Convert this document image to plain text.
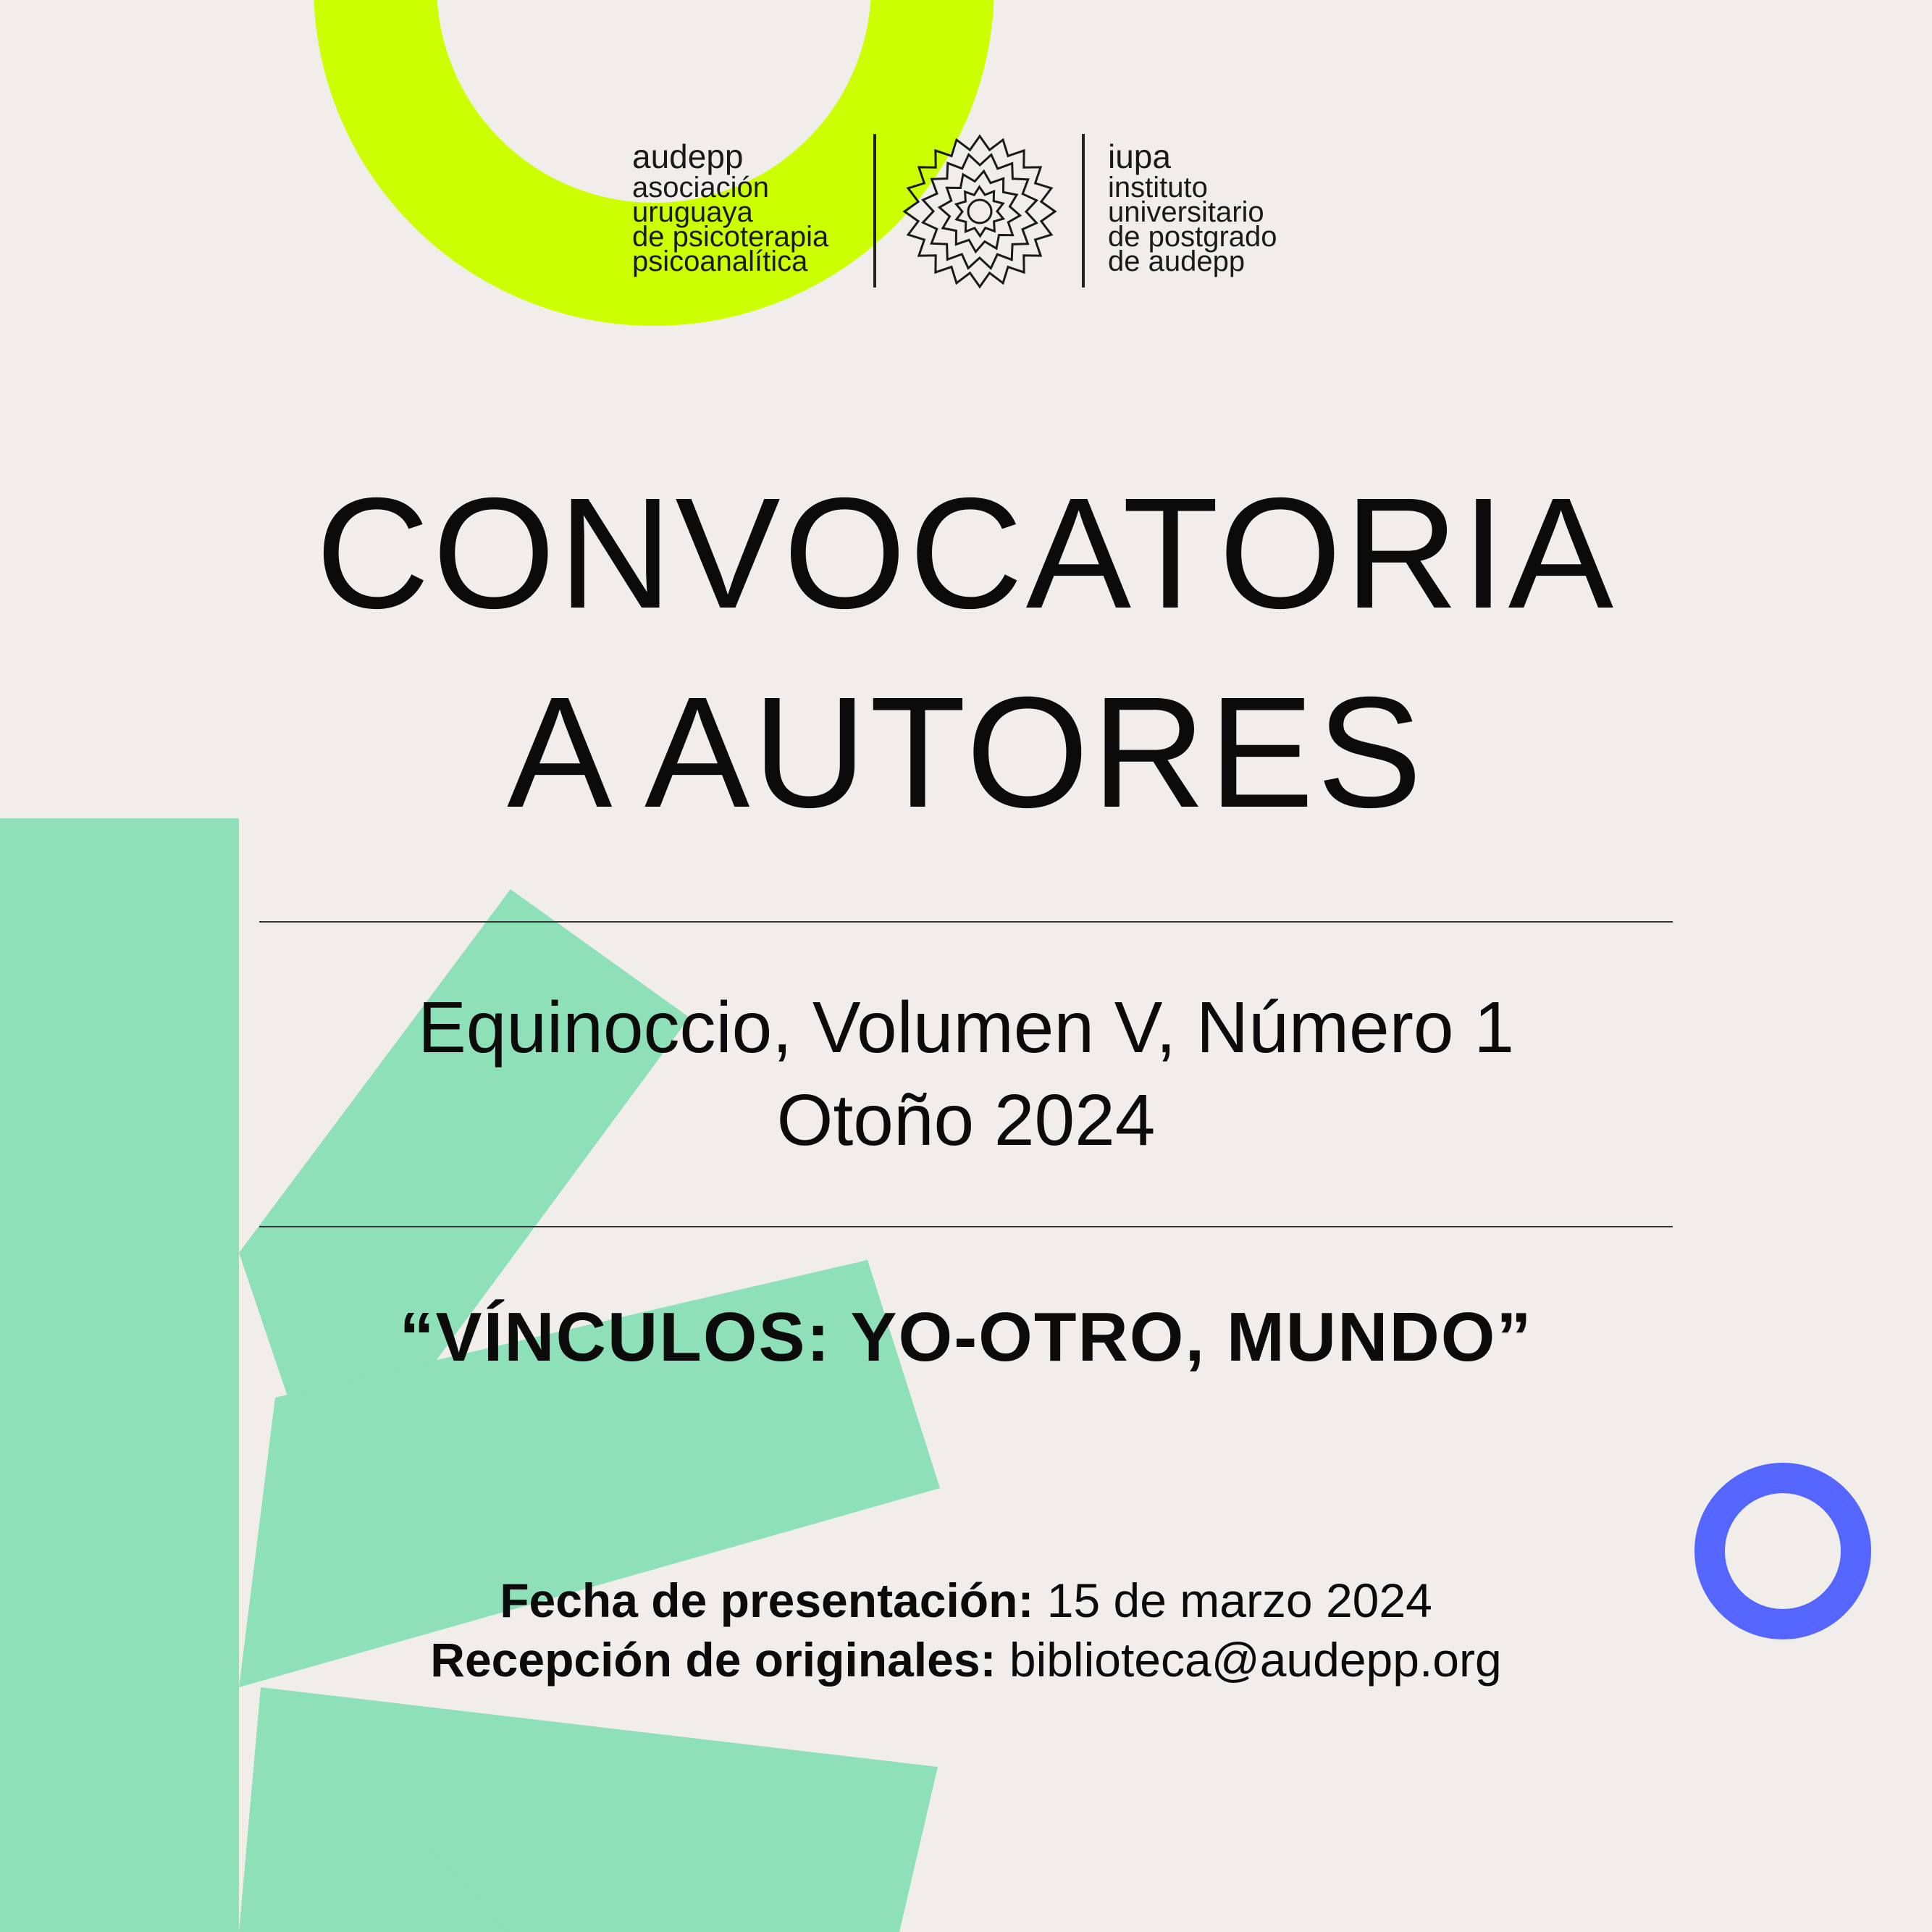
audepp
asociación
uruguaya
de psicoterapia
psicoanalítica
iupa
instituto
universitario
de postgrado
de audepp
CONVOCATORIA
A AUTORES
Equinoccio, Volumen V, Número 1
Otoño 2024
“VÍNCULOS: YO-OTRO, MUNDO”
Fecha de presentación: 15 de marzo 2024
Recepción de originales: biblioteca@audepp.org
